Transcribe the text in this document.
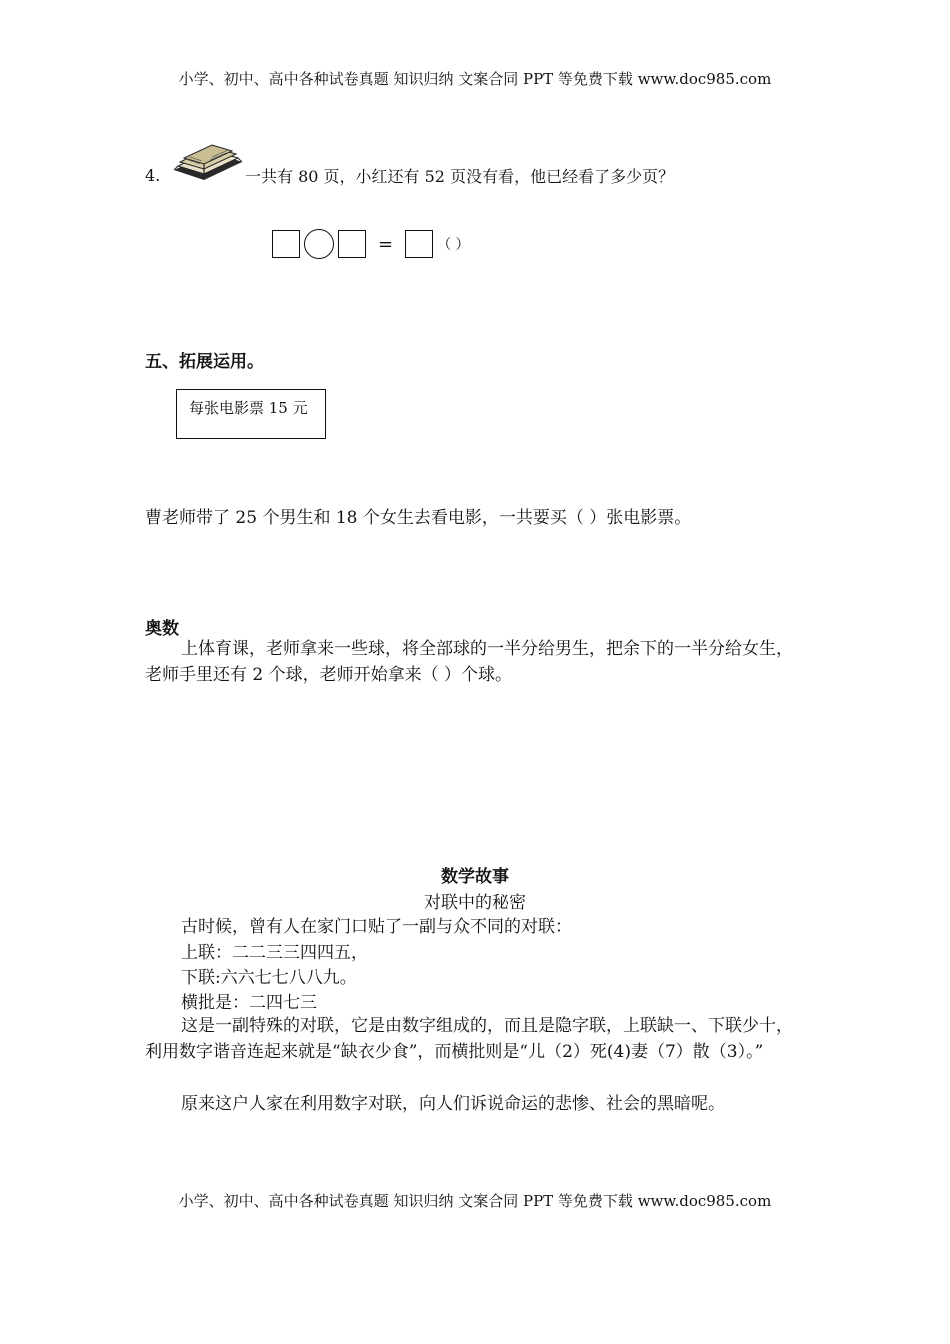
小学、初中、高中各种试卷真题 知识归纳 文案合同 PPT 等免费下载 www.doc985.com
4.	一共有 80 页，小红还有 52 页没有看，他已经看了多少页？
=	（ ）
五、拓展运用。
每张电影票 15 元
曹老师带了 25 个男生和 18 个女生去看电影，一共要买（ ）张电影票。
奥数
上体育课，老师拿来一些球，将全部球的一半分给男生，把余下的一半分给女生，老师手里还有 2 个球，老师开始拿来（ ）个球。
数学故事
对联中的秘密
古时候，曾有人在家门口贴了一副与众不同的对联：
上联：二二三三四四五，
下联:六六七七八八九。
横批是：二四七三
这是一副特殊的对联，它是由数字组成的，而且是隐字联，上联缺一、下联少十，利用数字谐音连起来就是“缺衣少食”，而横批则是“儿（2）死(4)妻（7）散（3）。”
原来这户人家在利用数字对联，向人们诉说命运的悲惨、社会的黑暗呢。
小学、初中、高中各种试卷真题 知识归纳 文案合同 PPT 等免费下载 www.doc985.com
